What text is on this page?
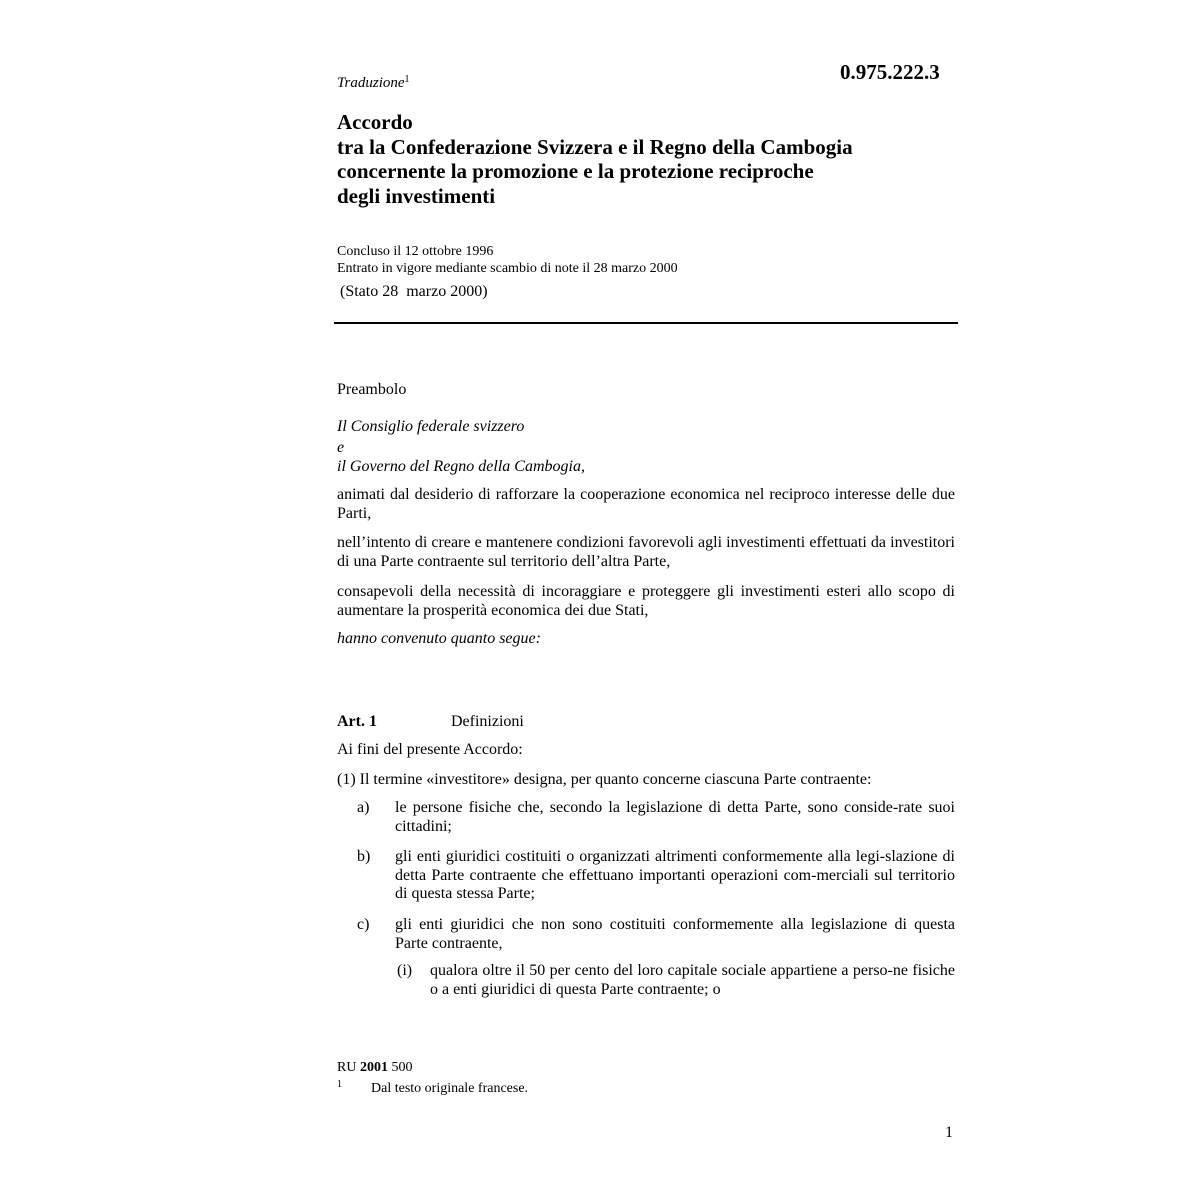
0.975.222.3
Traduzione$^1$
Accordo
tra la Confederazione Svizzera e il Regno della Cambogia
concernente la promozione e la protezione reciproche
degli investimenti
Concluso il 12 ottobre 1996
Entrato in vigore mediante scambio di note il 28 marzo 2000
(Stato 28  marzo 2000)
Preambolo
Il Consiglio federale svizzero
e
il Governo del Regno della Cambogia,
animati dal desiderio di rafforzare la cooperazione economica nel reciproco interesse delle due Parti,
nell’intento di creare e mantenere condizioni favorevoli agli investimenti effettuati da investitori di una Parte contraente sul territorio dell’altra Parte,
consapevoli della necessità di incoraggiare e proteggere gli investimenti esteri allo scopo di aumentare la prosperità economica dei due Stati,
hanno convenuto quanto segue:
Art. 1	Definizioni
Ai fini del presente Accordo:
(1) Il termine «investitore» designa, per quanto concerne ciascuna Parte contraente:
a) le persone fisiche che, secondo la legislazione di detta Parte, sono conside-rate suoi cittadini;
b) gli enti giuridici costituiti o organizzati altrimenti conformemente alla legi-slazione di detta Parte contraente che effettuano importanti operazioni com-merciali sul territorio di questa stessa Parte;
c) gli enti giuridici che non sono costituiti conformemente alla legislazione di questa Parte contraente,
(i) qualora oltre il 50 per cento del loro capitale sociale appartiene a perso-ne fisiche o a enti giuridici di questa Parte contraente; o
RU 2001 500
1 Dal testo originale francese.
1
